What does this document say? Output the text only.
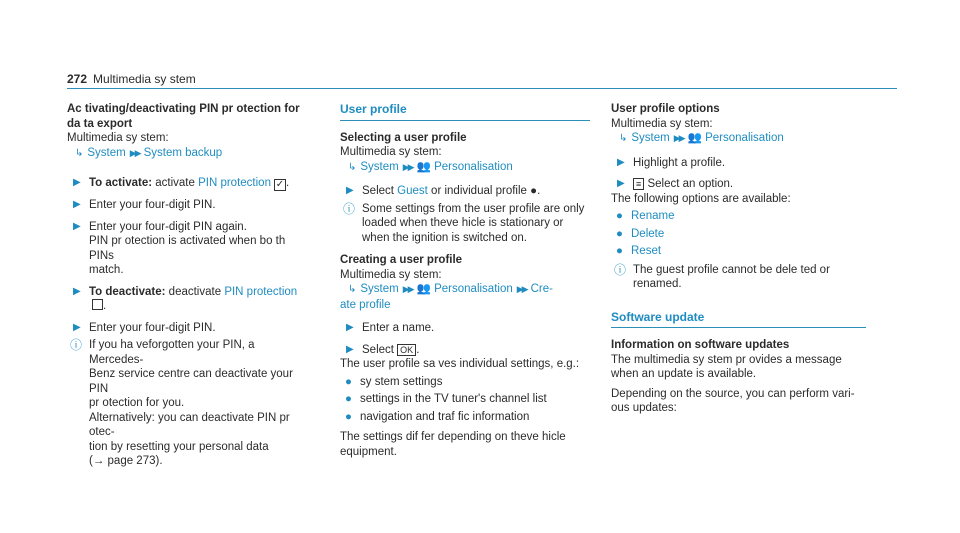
272 Multimedia sy stem
Ac tivating/deactivating PIN pr otection for
da ta export
Multimedia sy stem:
↳ System ▶▶ System backup
▶ To activate: activate PIN protection ✓ .
▶ Enter your four-digit PIN.
▶ Enter your four-digit PIN again.
PIN pr otection is activated when bo th PINs
match.
▶ To deactivate: deactivate PIN protection.
▶ Enter your four-digit PIN.
ⓘ If you ha veforgotten your PIN, a Mercedes-
Benz service centre can deactivate your PIN
pr otection for you.
Alternatively: you can deactivate PIN pr otec-
tion by resetting your personal data
(→ page 273).
User profile
Selecting a user profile
Multimedia sy stem:
↳ System ▶▶ 👥 Personalisation
▶ Select Guest or individual profile ●.
ⓘ Some settings from the user profile are only
loaded when theve hicle is stationary or
when the ignition is switched on.
Creating a user profile
Multimedia sy stem:
↳ System ▶▶ 👥 Personalisation ▶▶ Cre-
ate profile
▶ Enter a name.
▶ Select OK .
The user profile sa ves individual settings, e.g.:
● sy stem settings
● settings in the TV tuner's channel list
● navigation and traf fic information
The settings dif fer depending on theve hicle
equipment.
User profile options
Multimedia sy stem:
↳ System ▶▶ 👥 Personalisation
▶ Highlight a profile.
▶ ≡ Select an option.
The following options are available:
● Rename
● Delete
● Reset
ⓘ The guest profile cannot be dele ted or
renamed.
Software update
Information on software updates
The multimedia sy stem pr ovides a message
when an update is available.
Depending on the source, you can perform vari-
ous updates:
